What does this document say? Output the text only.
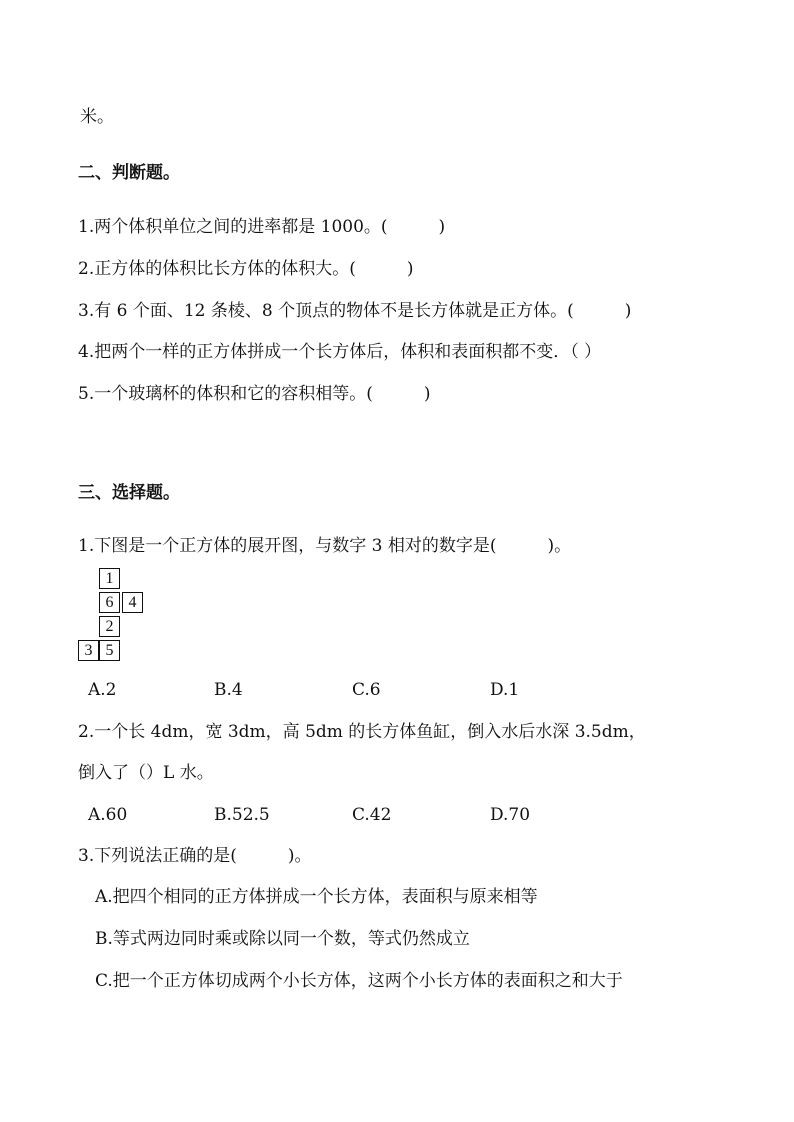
米。
二、判断题。
1.两个体积单位之间的进率都是 1000。(　　　)
2.正方体的体积比长方体的体积大。(　　　)
3.有 6 个面、12 条棱、8 个顶点的物体不是长方体就是正方体。(　　　)
4.把两个一样的正方体拼成一个长方体后，体积和表面积都不变．（ ）
5.一个玻璃杯的体积和它的容积相等。(　　　)
三、选择题。
1.下图是一个正方体的展开图，与数字 3 相对的数字是(　　　)。
1
6 4
2
3 5
A.2	B.4	C.6	D.1
2.一个长 4dm，宽 3dm，高 5dm 的长方体鱼缸，倒入水后水深 3.5dm，
倒入了（）L 水。
A.60	B.52.5	C.42	D.70
3.下列说法正确的是(　　　)。
A.把四个相同的正方体拼成一个长方体，表面积与原来相等
B.等式两边同时乘或除以同一个数，等式仍然成立
C.把一个正方体切成两个小长方体，这两个小长方体的表面积之和大于
